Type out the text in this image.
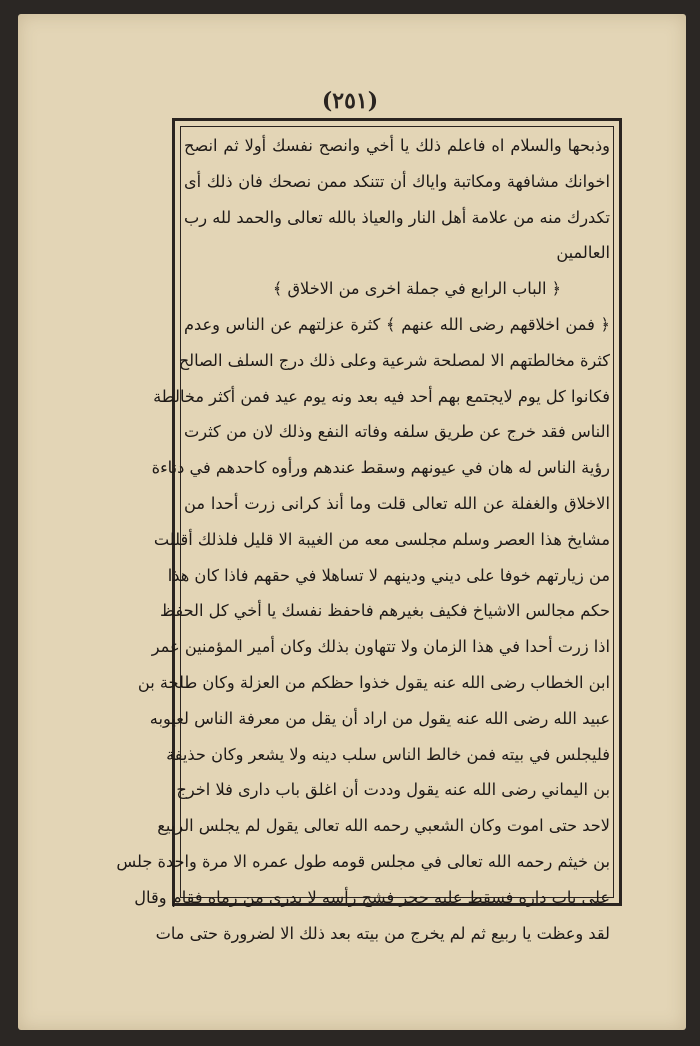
(٢٥١)
وذبحها والسلام اه فاعلم ذلك يا أخي وانصح نفسك أولا ثم انصح
اخوانك مشافهة ومكاتبة واياك أن تتنكد ممن نصحك فان ذلك أى
تكدرك منه من علامة أهل النار والعياذ بالله تعالى والحمد لله رب
العالمين
﴿ الباب الرابع في جملة اخرى من الاخلاق ﴾
﴿ فمن اخلاقهم رضى الله عنهم ﴾ كثرة عزلتهم عن الناس وعدم
كثرة مخالطتهم الا لمصلحة شرعية وعلى ذلك درج السلف الصالح
فكانوا كل يوم لايجتمع بهم أحد فيه بعد ونه يوم عيد فمن أكثر مخالطة
الناس فقد خرج عن طريق سلفه وفاته النفع وذلك لان من كثرت
رؤية الناس له هان في عيونهم وسقط عندهم ورأوه كاحدهم في دناءة
الاخلاق والغفلة عن الله تعالى قلت وما أنذ كرانى زرت أحدا من
مشايخ هذا العصر وسلم مجلسى معه من الغيبة الا قليل فلذلك أقللت
من زيارتهم خوفا على ديني ودينهم لا تساهلا في حقهم فاذا كان هذا
حكم مجالس الاشياخ فكيف بغيرهم فاحفظ نفسك يا أخي كل الحفظ
اذا زرت أحدا في هذا الزمان ولا تتهاون بذلك وكان أمير المؤمنين عمر
ابن الخطاب رضى الله عنه يقول خذوا حظكم من العزلة وكان طلحة بن
عبيد الله رضى الله عنه يقول من اراد أن يقل من معرفة الناس لعيوبه
فليجلس في بيته فمن خالط الناس سلب دينه ولا يشعر وكان حذيفة
بن اليماني رضى الله عنه يقول وددت أن اغلق باب دارى فلا اخرج
لاحد حتى اموت وكان الشعبي رحمه الله تعالى يقول لم يجلس الربيع
بن خيثم رحمه الله تعالى في مجلس قومه طول عمره الا مرة واحدة جلس
على باب داره فسقط عليه حجر فشج رأسه لا يدرى من رماه فقام وقال
لقد وعظت يا ربيع ثم لم يخرج من بيته بعد ذلك الا لضرورة حتى مات
